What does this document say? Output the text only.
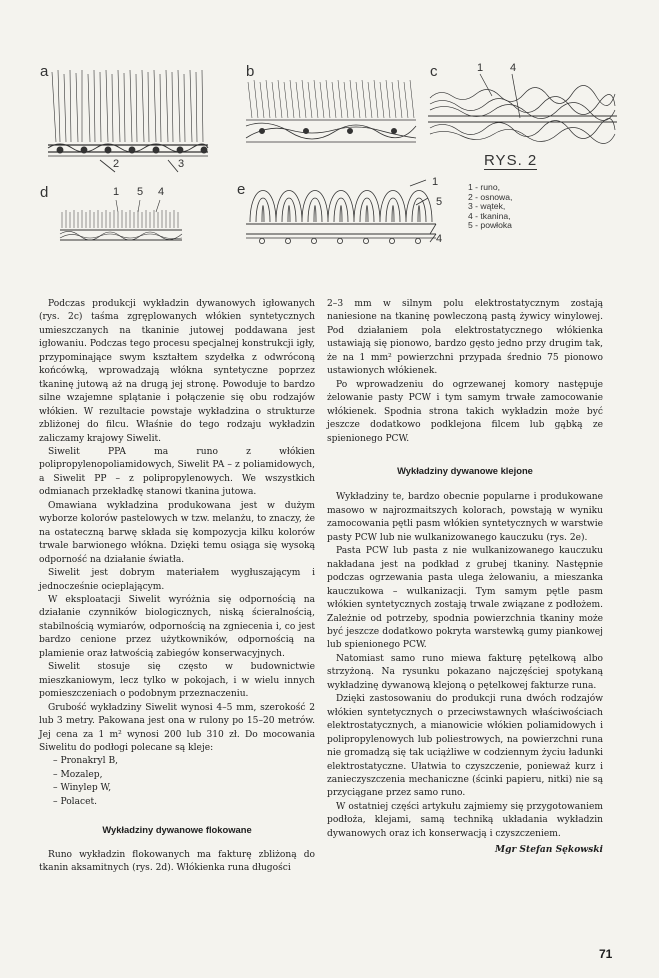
a	b	c
d	e
2	3
1 4
1 5 4
1
5
4
RYS. 2
1 - runo,
2 - osnowa,
3 - wątek,
4 - tkanina,
5 - powłoka

Podczas produkcji wykładzin dywanowych igłowanych (rys. 2c) taśma zgręplowanych włókien syntetycznych umieszczanych na tkaninie jutowej poddawana jest igłowaniu. Podczas tego procesu specjalnej konstrukcji igły, przypominające swym kształtem szydełka z odwróconą końcówką, wprowadzają włókna syntetyczne poprzez tkaninę jutową aż na drugą jej stronę. Powoduje to bardzo silne wzajemne splątanie i połączenie się obu rodzajów włókien. W rezultacie powstaje wykładzina o strukturze zbliżonej do filcu. Właśnie do tego rodzaju wykładzin zaliczamy krajowy Siwelit.

Siwelit PPA ma runo z włókien polipropylenopoliamidowych, Siwelit PA – z poliamidowych, a Siwelit PP – z polipropylenowych. We wszystkich odmianach przekładkę stanowi tkanina jutowa.

Omawiana wykładzina produkowana jest w dużym wyborze kolorów pastelowych w tzw. melanżu, to znaczy, że na ostateczną barwę składa się kompozycja kilku kolorów trwale barwionego włókna. Dzięki temu osiąga się wysoką odporność na działanie światła.

Siwelit jest dobrym materiałem wygłuszającym i jednocześnie ocieplającym.

W eksploatacji Siwelit wyróżnia się odpornością na działanie czynników biologicznych, niską ścieralnością, stabilnością wymiarów, odpornością na zgniecenia i, co jest bardzo cenione przez użytkowników, odpornością na plamienie oraz łatwością zabiegów konserwacyjnych.

Siwelit stosuje się często w budownictwie mieszkaniowym, lecz tylko w pokojach, i w wielu innych pomieszczeniach o podobnym przeznaczeniu.

Grubość wykładziny Siwelit wynosi 4–5 mm, szerokość 2 lub 3 metry. Pakowana jest ona w rulony po 15–20 metrów. Jej cena za 1 m² wynosi 200 lub 310 zł. Do mocowania Siwelitu do podłogi polecane są kleje:

– Pronakryl B,
– Mozalep,
– Winylep W,
– Polacet.
Wykładziny dywanowe flokowane

Runo wykładzin flokowanych ma fakturę zbliżoną do tkanin aksamitnych (rys. 2d). Włókienka runa długości

2–3 mm w silnym polu elektrostatycznym zostają naniesione na tkaninę powleczoną pastą żywicy winylowej. Pod działaniem pola elektrostatycznego włókienka ustawiają się pionowo, bardzo gęsto jedno przy drugim tak, że na 1 mm² powierzchni przypada średnio 75 pionowo ustawionych włókienek.

Po wprowadzeniu do ogrzewanej komory następuje żelowanie pasty PCW i tym samym trwałe zamocowanie włókienek. Spodnia strona takich wykładzin może być jeszcze dodatkowo podklejona filcem lub gąbką ze spienionego PCW.

Wykładziny dywanowe klejone

Wykładziny te, bardzo obecnie popularne i produkowane masowo w najrozmaitszych kolorach, powstają w wyniku zamocowania pętli pasm włókien syntetycznych w warstwie pasty PCW lub nie wulkanizowanego kauczuku (rys. 2e).

Pasta PCW lub pasta z nie wulkanizowanego kauczuku nakładana jest na podkład z grubej tkaniny. Następnie podczas ogrzewania pasta ulega żelowaniu, a mieszanka kauczukowa – wulkanizacji. Tym samym pętle pasm włókien syntetycznych zostają trwale związane z podłożem. Zależnie od potrzeby, spodnia powierzchnia tkaniny może być jeszcze dodatkowo pokryta warstewką gumy piankowej lub spienionego PCW.

Natomiast samo runo miewa fakturę pętelkową albo strzyżoną. Na rysunku pokazano najczęściej spotykaną wykładzinę dywanową klejoną o pętelkowej fakturze runa.

Dzięki zastosowaniu do produkcji runa dwóch rodzajów włókien syntetycznych o przeciwstawnych właściwościach elektrostatycznych, a mianowicie włókien poliamidowych i polipropylenowych lub poliestrowych, na powierzchni runa nie gromadzą się tak uciążliwe w codziennym życiu ładunki elektrostatyczne. Ułatwia to czyszczenie, ponieważ kurz i zanieczyszczenia mechaniczne (ścinki papieru, nitki) nie są przyciągane przez samo runo.

W ostatniej części artykułu zajmiemy się przygotowaniem podłoża, klejami, samą techniką układania wykładzin dywanowych oraz ich konserwacją i czyszczeniem.

Mgr Stefan Sękowski

71
